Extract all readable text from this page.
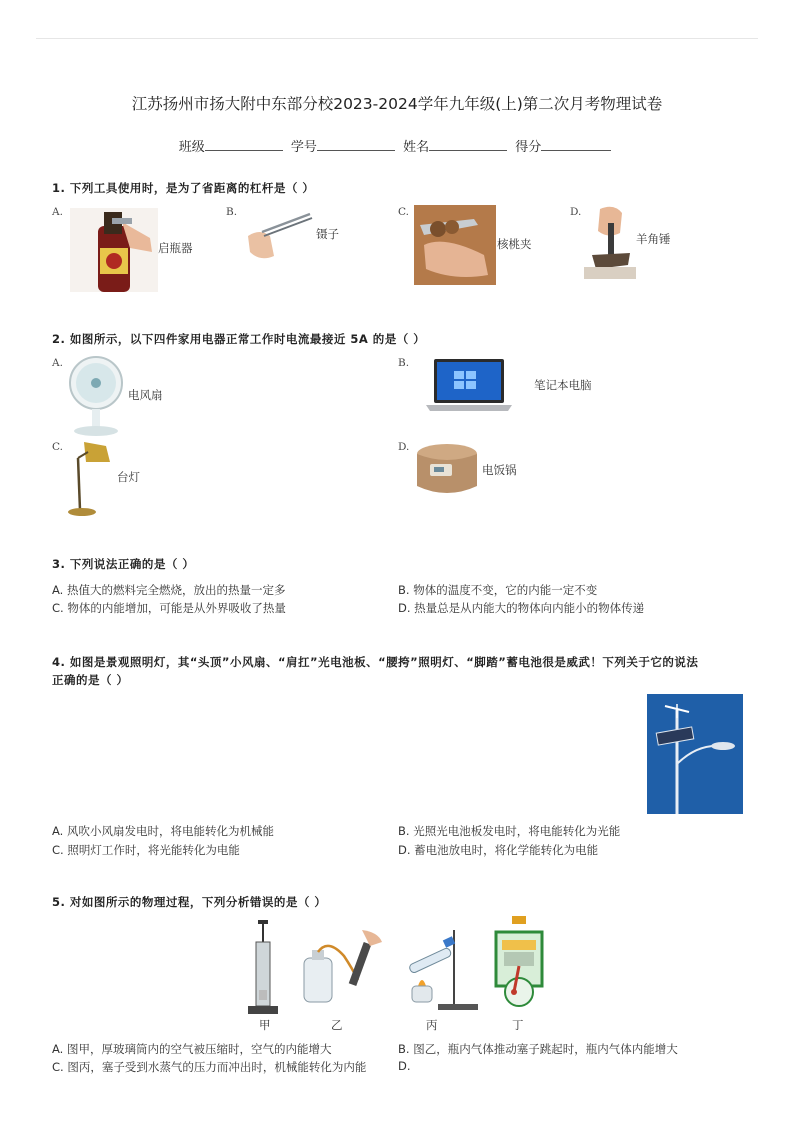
江苏扬州市扬大附中东部分校2023-2024学年九年级(上)第二次月考物理试卷
班级	学号	姓名	得分
1. 下列工具使用时，是为了省距离的杠杆是（ ）
A.
启瓶器
B.
镊子
C.
核桃夹
D.
羊角锤
2. 如图所示，以下四件家用电器正常工作时电流最接近 5A 的是（ ）
A.
电风扇
B.
笔记本电脑
C.
台灯
D.
电饭锅
3. 下列说法正确的是（ ）
A. 热值大的燃料完全燃烧，放出的热量一定多	B. 物体的温度不变，它的内能一定不变
C. 物体的内能增加，可能是从外界吸收了热量	D. 热量总是从内能大的物体向内能小的物体传递
4. 如图是景观照明灯，其“头顶”小风扇、“肩扛”光电池板、“腰挎”照明灯、“脚踏”蓄电池很是威武！下列关于它的说法
正确的是（ ）
A. 风吹小风扇发电时，将电能转化为机械能	B. 光照光电池板发电时，将电能转化为光能
C. 照明灯工作时，将光能转化为电能	D. 蓄电池放电时，将化学能转化为电能
5. 对如图所示的物理过程，下列分析错误的是（ ）
甲	乙	丙	丁
A. 图甲，厚玻璃筒内的空气被压缩时，空气的内能增大	B. 图乙，瓶内气体推动塞子跳起时，瓶内气体内能增大
C. 图丙，塞子受到水蒸气的压力而冲出时，机械能转化为内能	D.
